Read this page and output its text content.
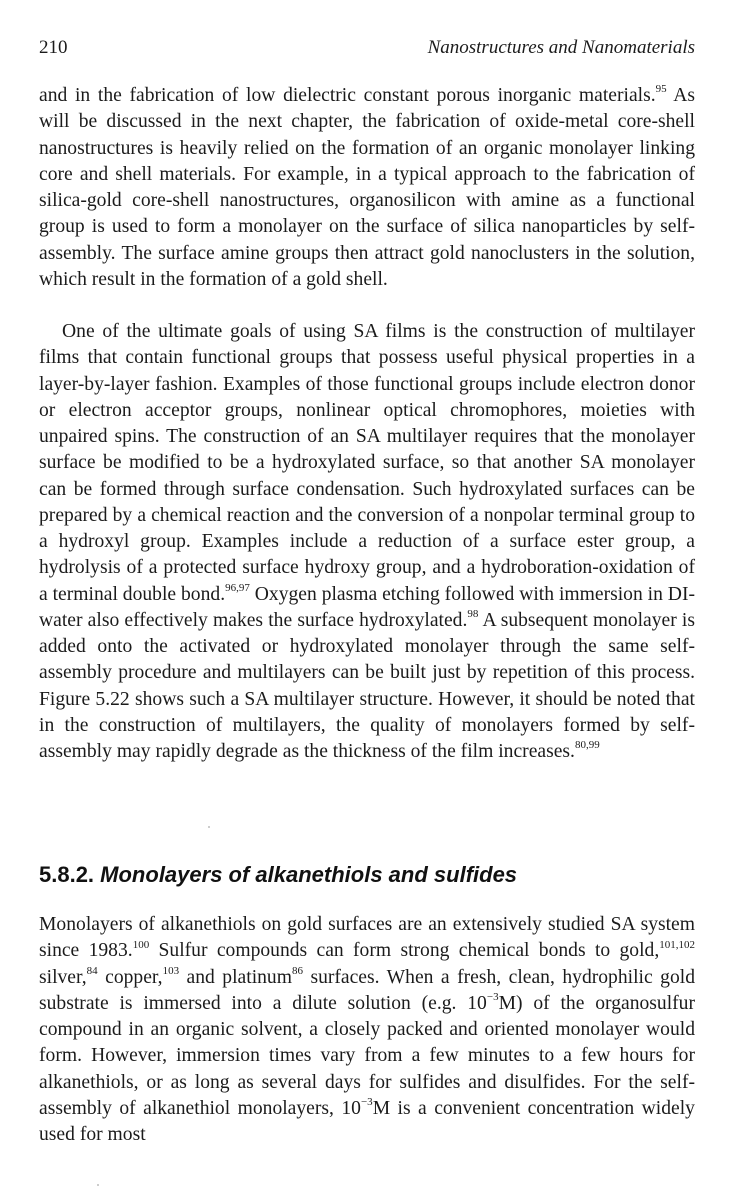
210	Nanostructures and Nanomaterials

and in the fabrication of low dielectric constant porous inorganic materials.$^{95}$ As will be discussed in the next chapter, the fabrication of oxide-metal core-shell nanostructures is heavily relied on the formation of an organic monolayer linking core and shell materials. For example, in a typical approach to the fabrication of silica-gold core-shell nanostructures, organosilicon with amine as a functional group is used to form a monolayer on the surface of silica nanoparticles by self-assembly. The surface amine groups then attract gold nanoclusters in the solution, which result in the formation of a gold shell.

One of the ultimate goals of using SA films is the construction of multilayer films that contain functional groups that possess useful physical properties in a layer-by-layer fashion. Examples of those functional groups include electron donor or electron acceptor groups, nonlinear optical chromophores, moieties with unpaired spins. The construction of an SA multilayer requires that the monolayer surface be modified to be a hydroxylated surface, so that another SA monolayer can be formed through surface condensation. Such hydroxylated surfaces can be prepared by a chemical reaction and the conversion of a nonpolar terminal group to a hydroxyl group. Examples include a reduction of a surface ester group, a hydrolysis of a protected surface hydroxy group, and a hydroboration-oxidation of a terminal double bond.$^{96,97}$ Oxygen plasma etching followed with immersion in DI-water also effectively makes the surface hydroxylated.$^{98}$ A subsequent monolayer is added onto the activated or hydroxylated monolayer through the same self-assembly procedure and multilayers can be built just by repetition of this process. Figure 5.22 shows such a SA multilayer structure. However, it should be noted that in the construction of multilayers, the quality of monolayers formed by self-assembly may rapidly degrade as the thickness of the film increases.$^{80,99}$

5.8.2. Monolayers of alkanethiols and sulfides

Monolayers of alkanethiols on gold surfaces are an extensively studied SA system since 1983.$^{100}$ Sulfur compounds can form strong chemical bonds to gold,$^{101,102}$ silver,$^{84}$ copper,$^{103}$ and platinum$^{86}$ surfaces. When a fresh, clean, hydrophilic gold substrate is immersed into a dilute solution (e.g. $10^{-3}M$) of the organosulfur compound in an organic solvent, a closely packed and oriented monolayer would form. However, immersion times vary from a few minutes to a few hours for alkanethiols, or as long as several days for sulfides and disulfides. For the self-assembly of alkanethiol monolayers, $10^{-3}M$ is a convenient concentration widely used for most
